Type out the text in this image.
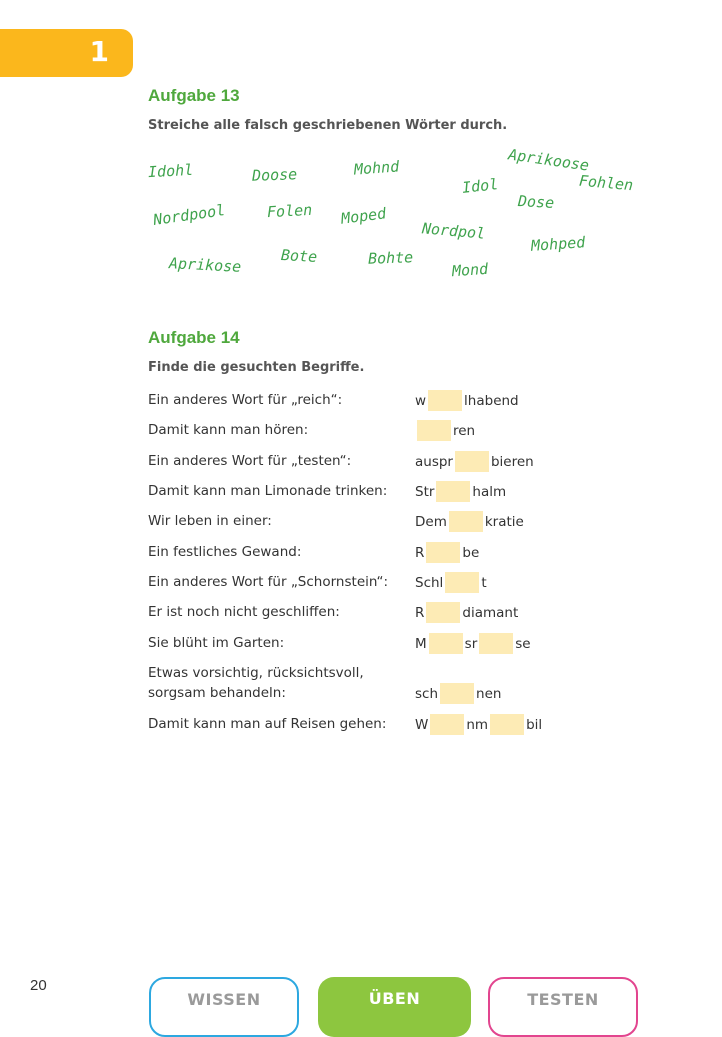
1
Aufgabe 13
Streiche alle falsch geschriebenen Wörter durch.
Idohl	Doose	Mohnd	Aprikoose
Fohlen
Idol
Dose
Nordpool	Folen Moped
Nordpol
Mohped
Aprikose	Bote	Bohte
Mond
Aufgabe 14
Finde die gesuchten Begriffe.
Ein anderes Wort für „reich“:	w	lhabend
Damit kann man hören:	ren
Ein anderes Wort für „testen“:	auspr	bieren
Damit kann man Limonade trinken:	Str	halm
Wir leben in einer:	Dem	kratie
Ein festliches Gewand:	R	be
Ein anderes Wort für „Schornstein“:	Schl	t
Er ist noch nicht geschliffen:	R	diamant
Sie blüht im Garten:	M	sr	se
Etwas vorsichtig, rücksichtsvoll, sorgsam behandeln:	sch	nen
Damit kann man auf Reisen gehen:	W	nm	bil
20
WISSEN	ÜBEN	TESTEN
